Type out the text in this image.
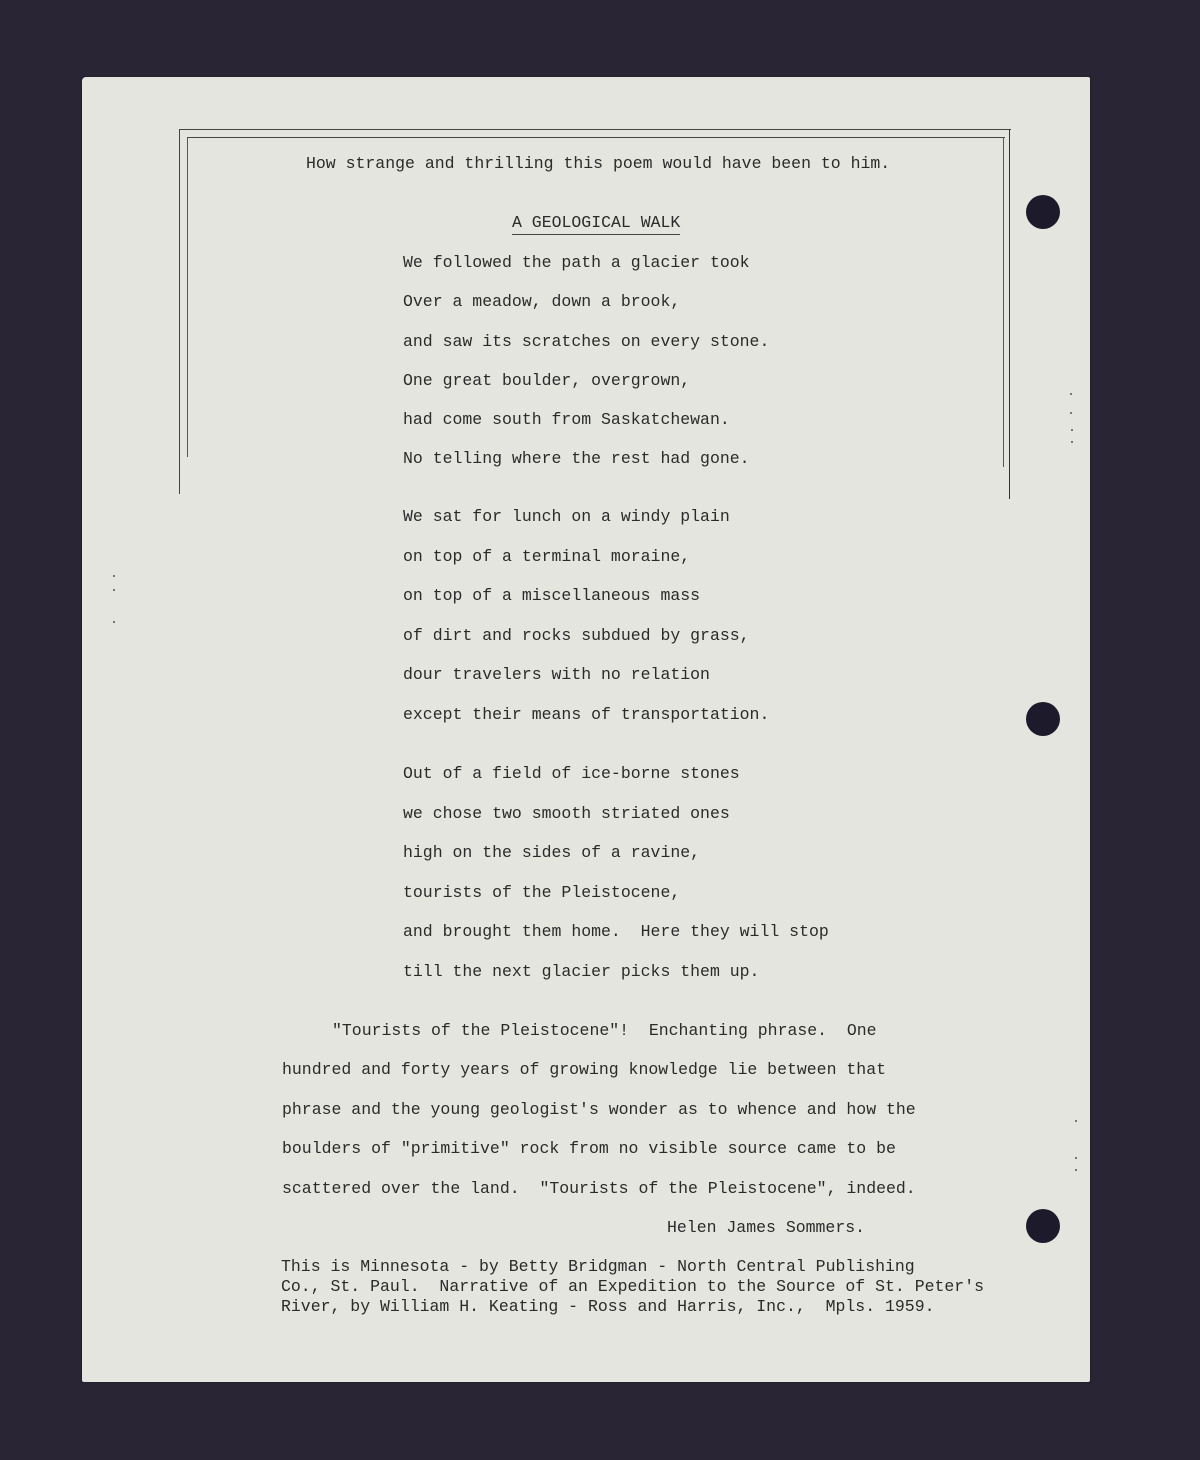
How strange and thrilling this poem would have been to him.
A GEOLOGICAL WALK
We followed the path a glacier took
Over a meadow, down a brook,
and saw its scratches on every stone.
One great boulder, overgrown,
had come south from Saskatchewan.
No telling where the rest had gone.
We sat for lunch on a windy plain
on top of a terminal moraine,
on top of a miscellaneous mass
of dirt and rocks subdued by grass,
dour travelers with no relation
except their means of transportation.
Out of a field of ice-borne stones
we chose two smooth striated ones
high on the sides of a ravine,
tourists of the Pleistocene,
and brought them home.  Here they will stop
till the next glacier picks them up.
"Tourists of the Pleistocene"!  Enchanting phrase.  One
hundred and forty years of growing knowledge lie between that
phrase and the young geologist's wonder as to whence and how the
boulders of "primitive" rock from no visible source came to be
scattered over the land.  "Tourists of the Pleistocene", indeed.
Helen James Sommers.
This is Minnesota - by Betty Bridgman - North Central Publishing
Co., St. Paul.  Narrative of an Expedition to the Source of St. Peter's
River, by William H. Keating - Ross and Harris, Inc.,  Mpls. 1959.
